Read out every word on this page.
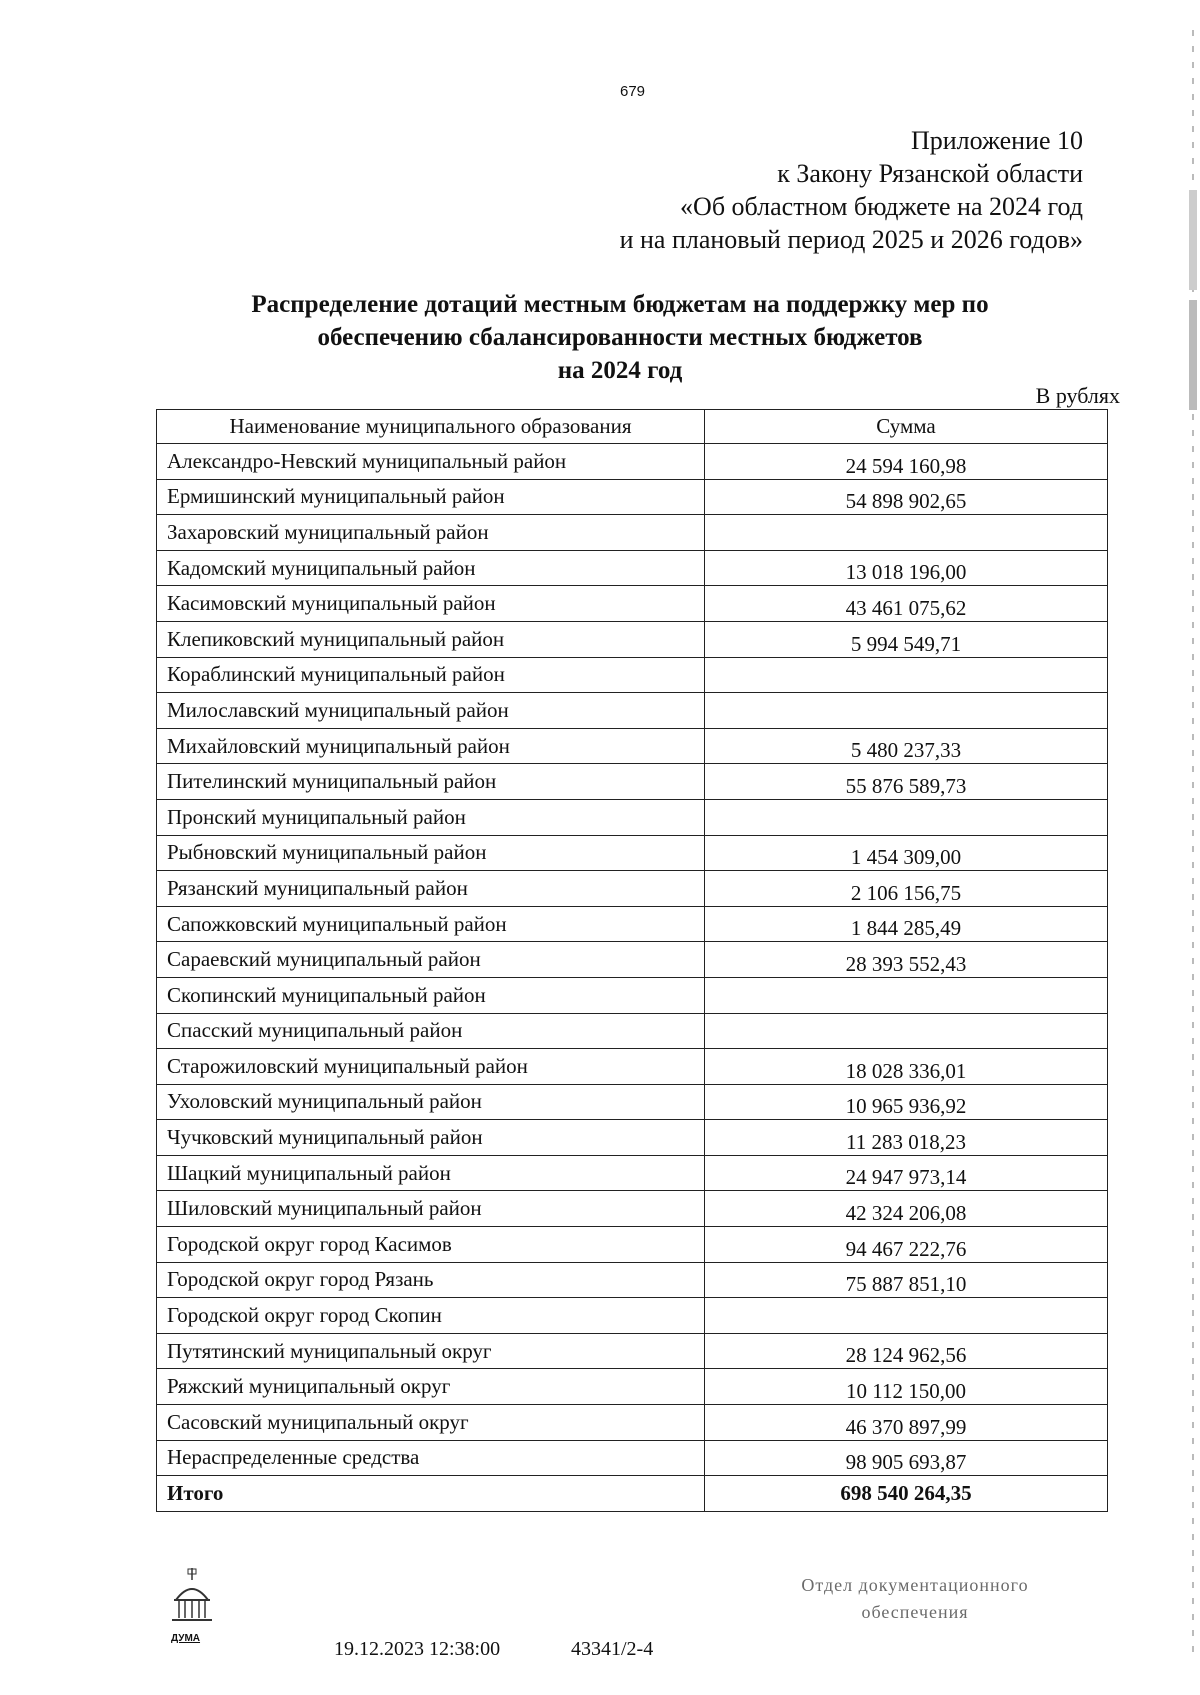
679
Приложение 10
к Закону Рязанской области
«Об областном бюджете на 2024 год
и на плановый период 2025 и 2026 годов»
Распределение дотаций местным бюджетам на поддержку мер по
обеспечению сбалансированности местных бюджетов
на 2024 год
В рублях
Наименование муниципального образования	Сумма
Александро-Невский муниципальный район	24 594 160,98
Ермишинский муниципальный район	54 898 902,65
Захаровский муниципальный район	
Кадомский муниципальный район	13 018 196,00
Касимовский муниципальный район	43 461 075,62
Клепиковский муниципальный район	5 994 549,71
Кораблинский муниципальный район	
Милославский муниципальный район	
Михайловский муниципальный район	5 480 237,33
Пителинский муниципальный район	55 876 589,73
Пронский муниципальный район	
Рыбновский муниципальный район	1 454 309,00
Рязанский муниципальный район	2 106 156,75
Сапожковский муниципальный район	1 844 285,49
Сараевский муниципальный район	28 393 552,43
Скопинский муниципальный район	
Спасский муниципальный район	
Старожиловский муниципальный район	18 028 336,01
Ухоловский муниципальный район	10 965 936,92
Чучковский муниципальный район	11 283 018,23
Шацкий муниципальный район	24 947 973,14
Шиловский муниципальный район	42 324 206,08
Городской округ город Касимов	94 467 222,76
Городской округ город Рязань	75 887 851,10
Городской округ город Скопин	
Путятинский муниципальный округ	28 124 962,56
Ряжский муниципальный округ	10 112 150,00
Сасовский муниципальный округ	46 370 897,99
Нераспределенные средства	98 905 693,87
Итого	698 540 264,35
ДУМА	19.12.2023 12:38:00	43341/2-4
Отдел документационного
обеспечения
